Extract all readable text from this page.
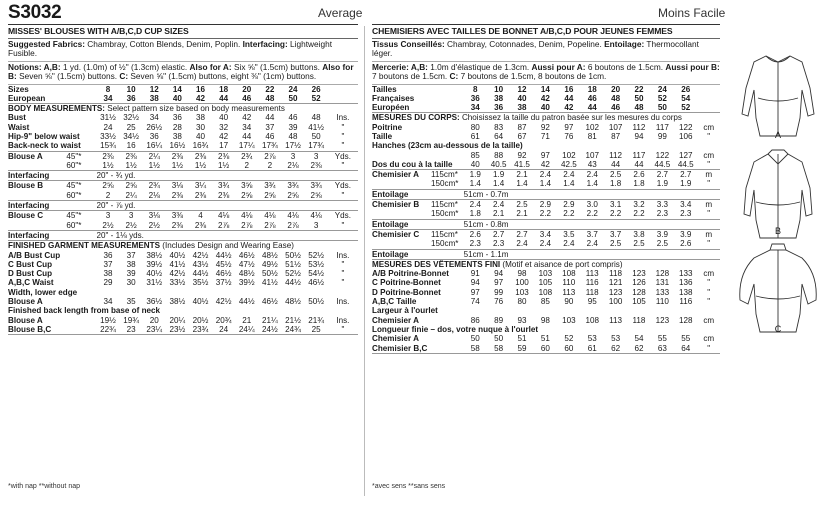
S3032	Average	Moins Facile
MISSES' BLOUSES WITH A/B,C,D CUP SIZES
Suggested Fabrics: Chambray, Cotton Blends, Denim, Poplin. Interfacing: Lightweight Fusible.
Notions: A,B: 1 yd. (1.0m) of ½" (1.3cm) elastic. Also for A: Six ⅝" (1.5cm) buttons. Also for B: Seven ⅝" (1.5cm) buttons. C: Seven ⅝" (1.5cm) buttons, eight ⅜" (1cm) buttons.
Sizes		8	10	12	14	16	18	20	22	24	26	
European		34	36	38	40	42	44	46	48	50	52	
BODY MEASUREMENTS: Select pattern size based on body measurements												
Bust		31½	32½	34	36	38	40	42	44	46	48	Ins.
Waist		24	25	26½	28	30	32	34	37	39	41½	"
Hip-9" below waist		33½	34½	36	38	40	42	44	46	48	50	"
Back-neck to waist		15¾	16	16¼	16½	16¾	17	17¼	17¾	17½	17¾	"
Blouse A	45"*	2⅜	2⅜	2¼	2⅜	2⅜	2⅜	2¾	2⅞	3	3	Yds.
	60"*	1½	1½	1½	1½	1½	1½	2	2	2⅛	2⅜	"
Interfacing		20" - ¾ yd.										
Blouse B	45"*	2⅝	2⅝	2¾	3⅛	3¼	3¾	3⅝	3¾	3¾	3¾	Yds.
	60"*	2	2¼	2⅛	2⅜	2⅜	2⅜	2⅝	2⅝	2⅝	2⅝	"
Interfacing		20" - ⅞ yd.										
Blouse C	45"*	3	3	3⅛	3⅜	4	4⅛	4⅛	4⅛	4⅛	4⅛	Yds.
	60"*	2½	2½	2½	2⅜	2⅜	2⅞	2⅞	2⅞	2⅞	3	"
Interfacing		20" - 1⅛ yds.										
FINISHED GARMENT MEASUREMENTS (Includes Design and Wearing Ease)												
A/B Bust Cup		36	37	38½	40½	42½	44½	46½	48½	50½	52½	Ins.
C Bust Cup		37	38	39½	41½	43½	45½	47½	49½	51½	53½	"
D Bust Cup		38	39	40½	42½	44½	46½	48½	50½	52½	54½	"
A,B,C Waist		29	30	31½	33½	35½	37½	39½	41½	44½	46½	"
Width, lower edge												
Blouse A		34	35	36½	38½	40½	42½	44½	46½	48½	50½	Ins.
Finished back length from base of neck												
Blouse A		19½	19¾	20	20¼	20½	20¾	21	21¼	21½	21¾	Ins.
Blouse B,C		22¾	23	23¼	23½	23¾	24	24¼	24½	24¾	25	"
CHEMISIERS AVEC TAILLES DE BONNET A/B,C,D POUR JEUNES FEMMES
Tissus Conseillés: Chambray, Cotonnades, Denim, Popeline. Entoilage: Thermocollant léger.
Mercerie: A,B: 1.0m d'élastique de 1.3cm. Aussi pour A: 6 boutons de 1.5cm. Aussi pour B: 7 boutons de 1.5cm. C: 7 boutons de 1.5cm, 8 boutons de 1cm.
Tailles		8	10	12	14	16	18	20	22	24	26	
Françaises		36	38	40	42	44	46	48	50	52	54	
Européen		34	36	38	40	42	44	46	48	50	52	
MESURES DU CORPS: Choisissez la taille du patron basée sur les mesures du corps												
Poitrine		80	83	87	92	97	102	107	112	117	122	cm
Taille		61	64	67	71	76	81	87	94	99	106	"
Hanches (23cm au-dessous de la taille)												
		85	88	92	97	102	107	112	117	122	127	cm
Dos du cou à la taille		40	40.5	41.5	42	42.5	43	44	44	44.5	44.5	"
Chemisier A	115cm*	1.9	1.9	2.1	2.4	2.4	2.4	2.5	2.6	2.7	2.7	m
	150cm*	1.4	1.4	1.4	1.4	1.4	1.4	1.8	1.8	1.9	1.9	"
Entoilage		51cm - 0.7m										
Chemisier B	115cm*	2.4	2.4	2.5	2.9	2.9	3.0	3.1	3.2	3.3	3.4	m
	150cm*	1.8	2.1	2.1	2.2	2.2	2.2	2.2	2.2	2.3	2.3	"
Entoilage		51cm - 0.8m										
Chemisier C	115cm*	2.6	2.7	2.7	3.4	3.5	3.7	3.7	3.8	3.9	3.9	m
	150cm*	2.3	2.3	2.4	2.4	2.4	2.4	2.5	2.5	2.5	2.6	"
Entoilage		51cm - 1.1m										
MESURES DES VÊTEMENTS FINI (Motif et aisance de port compris)												
A/B Poitrine-Bonnet		91	94	98	103	108	113	118	123	128	133	cm
C Poitrine-Bonnet		94	97	100	105	110	116	121	126	131	136	"
D Poitrine-Bonnet		97	99	103	108	113	118	123	128	133	138	"
A,B,C Taille		74	76	80	85	90	95	100	105	110	116	"
Largeur à l'ourlet												
Chemisier A		86	89	93	98	103	108	113	118	123	128	cm
Longueur finie – dos, votre nuque à l'ourlet												
Chemisier A		50	50	51	51	52	53	53	54	55	55	cm
Chemisier B,C		58	58	59	60	60	61	62	62	63	64	"
*with nap **without nap	*avec sens **sans sens
A
B
C
